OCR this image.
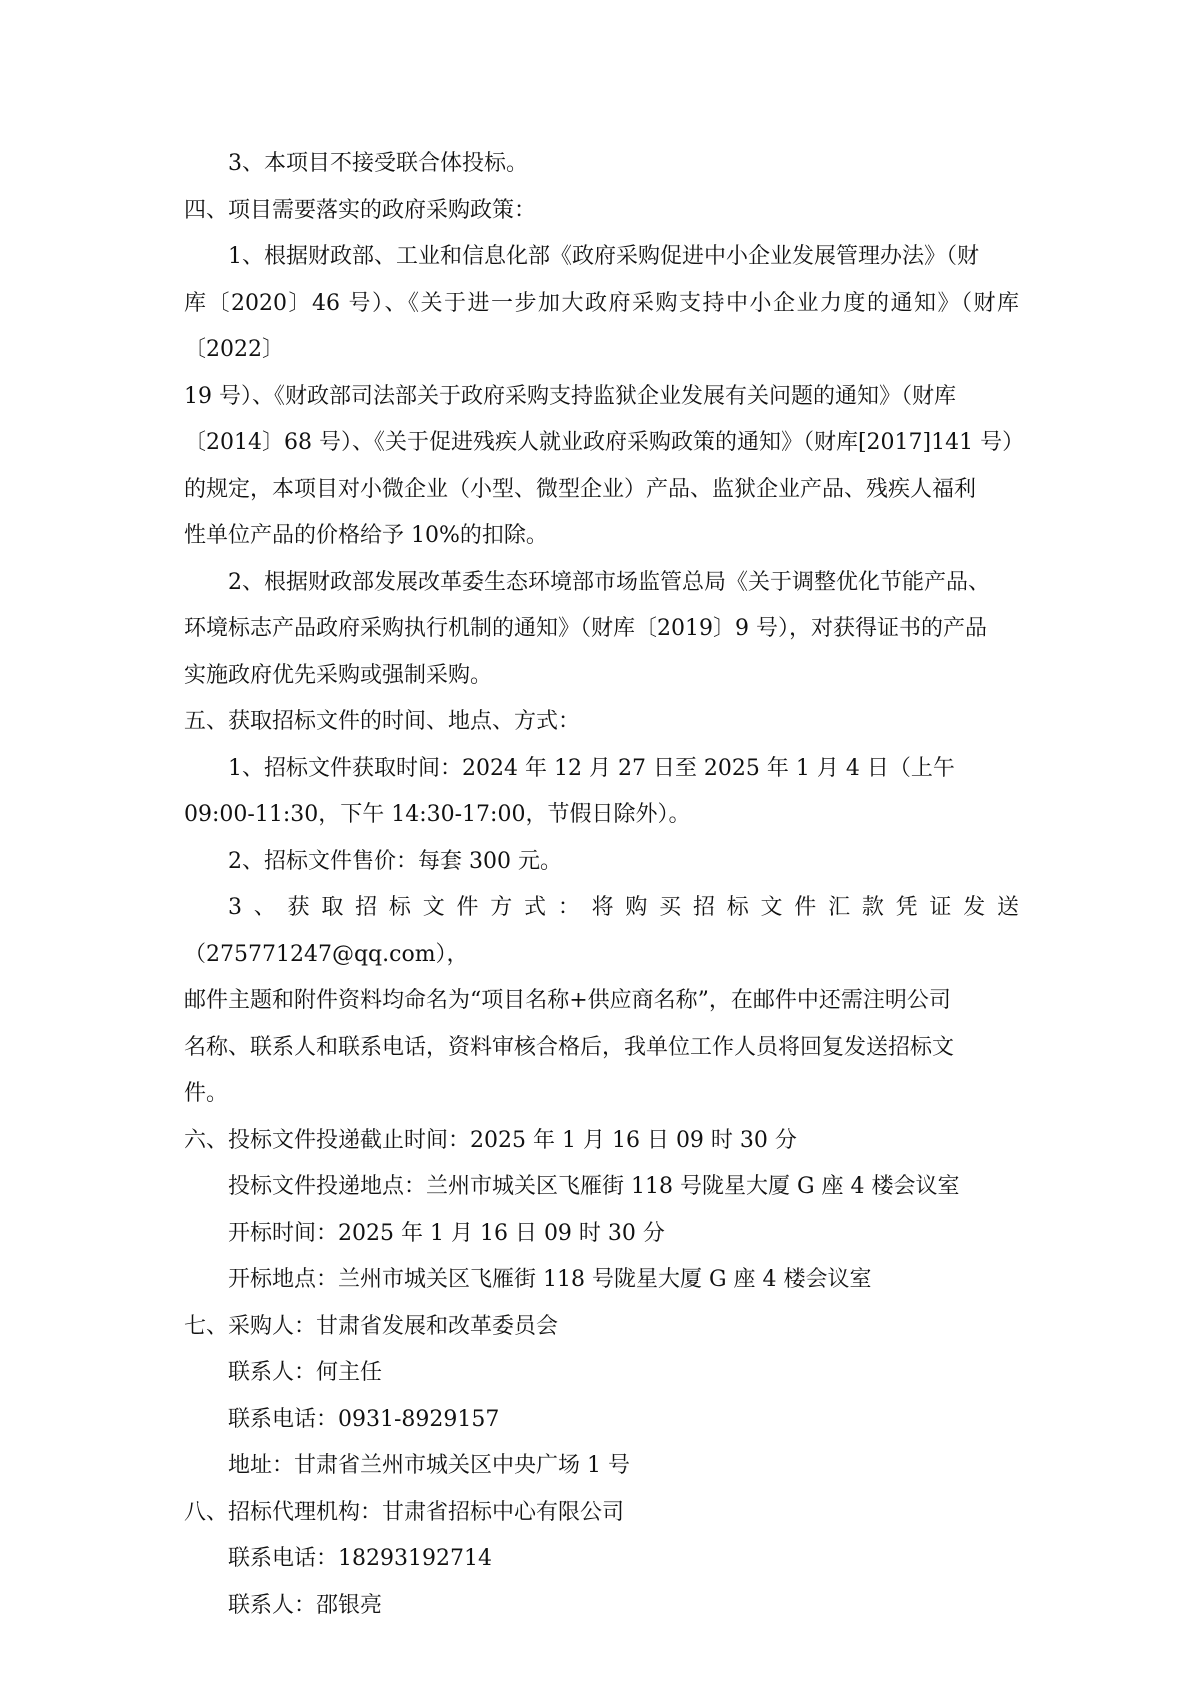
3、本项目不接受联合体投标。

四、项目需要落实的政府采购政策：

1、根据财政部、工业和信息化部《政府采购促进中小企业发展管理办法》（财
库〔2020〕46 号）、《关于进一步加大政府采购支持中小企业力度的通知》（财库〔2022〕
19 号）、《财政部司法部关于政府采购支持监狱企业发展有关问题的通知》（财库
〔2014〕68 号）、《关于促进残疾人就业政府采购政策的通知》（财库[2017]141 号）
的规定，本项目对小微企业（小型、微型企业）产品、监狱企业产品、残疾人福利
性单位产品的价格给予 10%的扣除。

2、根据财政部发展改革委生态环境部市场监管总局《关于调整优化节能产品、
环境标志产品政府采购执行机制的通知》（财库〔2019〕9 号），对获得证书的产品
实施政府优先采购或强制采购。

五、获取招标文件的时间、地点、方式：

1、招标文件获取时间：2024 年 12 月 27 日至 2025 年 1 月 4 日（上午
09:00-11:30，下午 14:30-17:00，节假日除外）。

2、招标文件售价：每套 300 元。

3、获取招标文件方式：将购买招标文件汇款凭证发送（275771247@qq.com），
邮件主题和附件资料均命名为“项目名称+供应商名称”，在邮件中还需注明公司
名称、联系人和联系电话，资料审核合格后，我单位工作人员将回复发送招标文
件。

六、投标文件投递截止时间：2025 年 1 月 16 日 09 时 30 分

投标文件投递地点：兰州市城关区飞雁街 118 号陇星大厦 G 座 4 楼会议室

开标时间：2025 年 1 月 16 日 09 时 30 分

开标地点：兰州市城关区飞雁街 118 号陇星大厦 G 座 4 楼会议室

七、采购人：甘肃省发展和改革委员会

联系人：何主任

联系电话：0931-8929157

地址：甘肃省兰州市城关区中央广场 1 号

八、招标代理机构：甘肃省招标中心有限公司

联系电话：18293192714

联系人：邵银亮
